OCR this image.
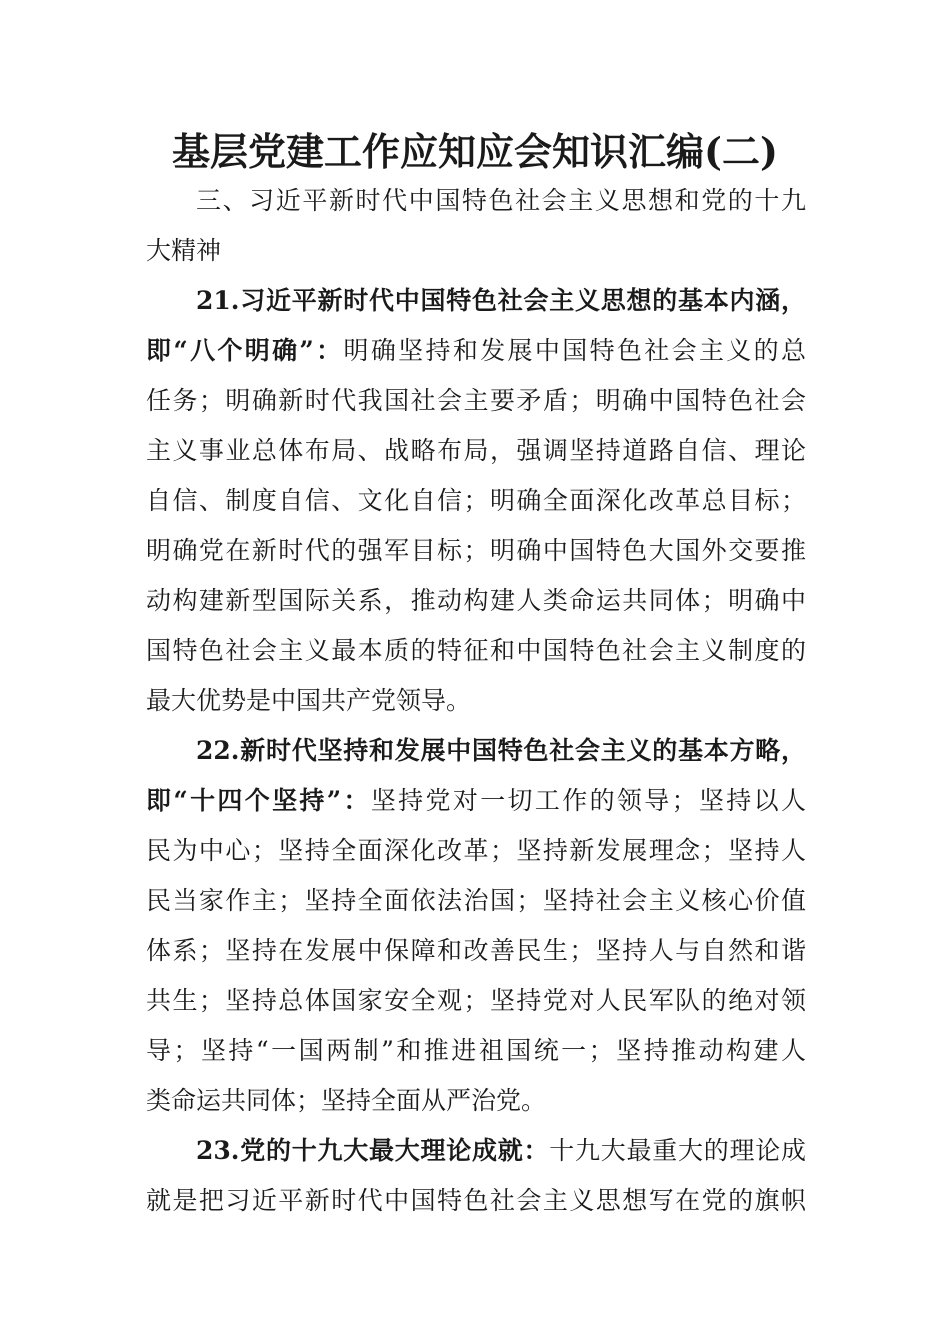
基层党建工作应知应会知识汇编(二)
三、习近平新时代中国特色社会主义思想和党的十九
大精神
21.习近平新时代中国特色社会主义思想的基本内涵，
即“八个明确”：明确坚持和发展中国特色社会主义的总
任务；明确新时代我国社会主要矛盾；明确中国特色社会
主义事业总体布局、战略布局，强调坚持道路自信、理论
自信、制度自信、文化自信；明确全面深化改革总目标；
明确党在新时代的强军目标；明确中国特色大国外交要推
动构建新型国际关系，推动构建人类命运共同体；明确中
国特色社会主义最本质的特征和中国特色社会主义制度的
最大优势是中国共产党领导。
22.新时代坚持和发展中国特色社会主义的基本方略，
即“十四个坚持”：坚持党对一切工作的领导；坚持以人
民为中心；坚持全面深化改革；坚持新发展理念；坚持人
民当家作主；坚持全面依法治国；坚持社会主义核心价值
体系；坚持在发展中保障和改善民生；坚持人与自然和谐
共生；坚持总体国家安全观；坚持党对人民军队的绝对领
导；坚持“一国两制”和推进祖国统一；坚持推动构建人
类命运共同体；坚持全面从严治党。
23.党的十九大最大理论成就：十九大最重大的理论成
就是把习近平新时代中国特色社会主义思想写在党的旗帜
